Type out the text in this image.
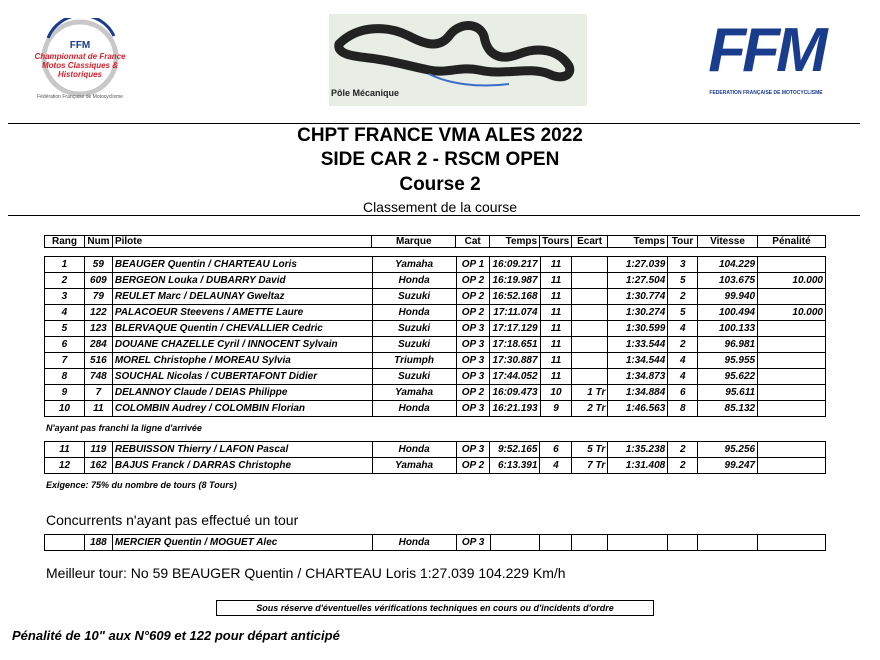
FFM
Championnat de France Motos Classiques & Historiques
Fédération Française de Motocyclisme	Pôle Mécanique
FFM
FEDERATION FRANÇAISE DE MOTOCYCLISME
CHPT FRANCE VMA ALES 2022
SIDE CAR 2 - RSCM OPEN
Course 2
Classement de la course
Rang	Num	Pilote	Marque	Cat	Temps	Tours	Ecart	Temps	Tour	Vitesse	Pénalité
1	59	BEAUGER Quentin / CHARTEAU Loris	Yamaha	OP 1	16:09.217	11		1:27.039	3	104.229	
2	609	BERGEON Louka / DUBARRY David	Honda	OP 2	16:19.987	11		1:27.504	5	103.675	10.000
3	79	REULET Marc / DELAUNAY Gweltaz	Suzuki	OP 2	16:52.168	11		1:30.774	2	99.940	
4	122	PALACOEUR Steevens / AMETTE Laure	Honda	OP 2	17:11.074	11		1:30.274	5	100.494	10.000
5	123	BLERVAQUE Quentin / CHEVALLIER Cedric	Suzuki	OP 3	17:17.129	11		1:30.599	4	100.133	
6	284	DOUANE CHAZELLE Cyril / INNOCENT Sylvain	Suzuki	OP 3	17:18.651	11		1:33.544	2	96.981	
7	516	MOREL Christophe / MOREAU Sylvia	Triumph	OP 3	17:30.887	11		1:34.544	4	95.955	
8	748	SOUCHAL Nicolas / CUBERTAFONT Didier	Suzuki	OP 3	17:44.052	11		1:34.873	4	95.622	
9	7	DELANNOY Claude / DEIAS Philippe	Yamaha	OP 2	16:09.473	10	1 Tr	1:34.884	6	95.611	
10	11	COLOMBIN Audrey / COLOMBIN Florian	Honda	OP 3	16:21.193	9	2 Tr	1:46.563	8	85.132	
N'ayant pas franchi la ligne d'arrivée
11	119	REBUISSON Thierry / LAFON Pascal	Honda	OP 3	9:52.165	6	5 Tr	1:35.238	2	95.256	
12	162	BAJUS Franck / DARRAS Christophe	Yamaha	OP 2	6:13.391	4	7 Tr	1:31.408	2	99.247	
Exigence: 75% du nombre de tours (8 Tours)
Concurrents n'ayant pas effectué un tour
	188	MERCIER Quentin / MOGUET Alec	Honda	OP 3							
Meilleur tour: No 59 BEAUGER Quentin / CHARTEAU Loris 1:27.039 104.229 Km/h
Sous réserve d'éventuelles vérifications techniques en cours ou d'incidents d'ordre
Pénalité de 10" aux N°609 et 122 pour départ anticipé
